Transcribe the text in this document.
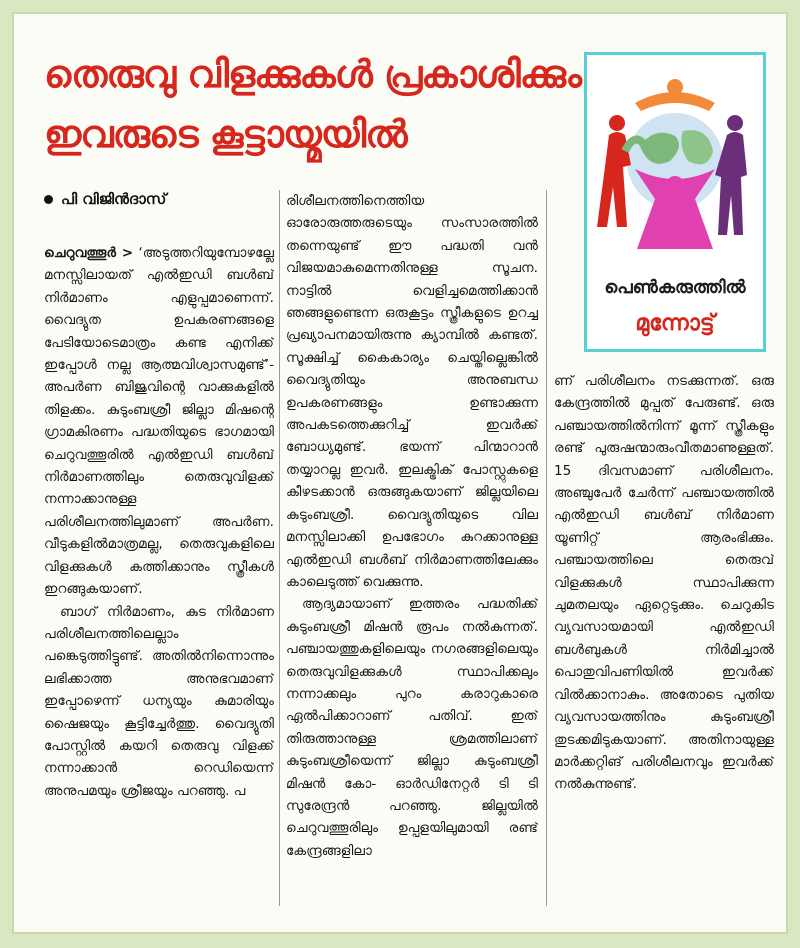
തെരുവു വിളക്കുകൾ പ്രകാശിക്കും
ഇവരുടെ കൂട്ടായ്മയിൽ
പി വിജിൻദാസ്

ചെറുവത്തൂർ > ‘അടുത്തറിയുമ്പോഴല്ലേ മനസ്സിലായത് എൽഇഡി ബൾബ് നിർമാണം എളുപ്പമാണെന്ന്. വൈദ്യുത ഉപകരണങ്ങളെ പേടിയോടെമാത്രം കണ്ട എനിക്ക് ഇപ്പോൾ നല്ല ആത്മവിശ്വാസമുണ്ട്’- അപർണ ബിജുവിന്റെ വാക്കുകളിൽ തിളക്കം. കുടുംബശ്രീ ജില്ലാ മിഷന്റെ ഗ്രാമകിരണം പദ്ധതിയുടെ ഭാഗമായി ചെറുവത്തൂരിൽ എൽഇഡി ബൾബ് നിർമാണത്തിലും തെരുവുവിളക്ക് നന്നാക്കാനുള്ള പരിശീലനത്തിലുമാണ് അപർണ. വീടുകളിൽമാത്രമല്ല, തെരുവുകളിലെ വിളക്കുകൾ കത്തിക്കാനും സ്ത്രീകൾ ഇറങ്ങുകയാണ്.

ബാഗ് നിർമാണം, കുട നിർമാണ പരിശീലനത്തിലെല്ലാം പങ്കെടുത്തിട്ടുണ്ട്. അതിൽനിന്നൊന്നും ലഭിക്കാത്ത അനുഭവമാണ് ഇപ്പോഴെന്ന് ധന്യയും കുമാരിയും ഷൈജയും കൂട്ടിച്ചേർത്തു. വൈദ്യുതി പോസ്റ്റിൽ കയറി തെരുവു വിളക്ക് നന്നാക്കാൻ റെഡിയെന്ന് അനുപമയും ശ്രീജയും പറഞ്ഞു. പ

രിശീലനത്തിനെത്തിയ ഓരോരുത്തരുടെയും സംസാരത്തിൽ തന്നെയുണ്ട് ഈ പദ്ധതി വൻ വിജയമാകുമെന്നതിനുള്ള സൂചന. നാട്ടിൽ വെളിച്ചമെത്തിക്കാൻ ഞങ്ങളുണ്ടെന്ന ഒരുകൂട്ടം സ്ത്രീകളുടെ ഉറച്ച പ്രഖ്യാപനമായിരുന്നു ക്യാമ്പിൽ കണ്ടത്. സൂക്ഷിച്ച് കൈകാര്യം ചെയ്തില്ലെങ്കിൽ വൈദ്യുതിയും അനുബന്ധ ഉപകരണങ്ങളും ഉണ്ടാക്കുന്ന അപകടത്തെക്കുറിച്ച് ഇവർക്ക് ബോധ്യമുണ്ട്. ഭയന്ന് പിന്മാറാൻ തയ്യാറല്ല ഇവർ. ഇലക്ട്രിക് പോസ്റ്റുകളെ കീഴടക്കാൻ ഒരുങ്ങുകയാണ് ജില്ലയിലെ കുടുംബശ്രീ. വൈദ്യുതിയുടെ വില മനസ്സിലാക്കി ഉപഭോഗം കുറക്കാനുള്ള എൽഇഡി ബൾബ് നിർമാണത്തിലേക്കും കാലെടുത്ത് വെക്കുന്നു.

ആദ്യമായാണ് ഇത്തരം പദ്ധതിക്ക് കുടുംബശ്രീ മിഷൻ രൂപം നൽകുന്നത്. പഞ്ചായത്തുകളിലെയും നഗരങ്ങളിലെയും തെരുവുവിളക്കുകൾ സ്ഥാപിക്കലും നന്നാക്കലും പുറം കരാറുകാരെ ഏൽപിക്കാറാണ് പതിവ്. ഇത് തിരുത്താനുള്ള ശ്രമത്തിലാണ് കുടുംബശ്രീയെന്ന് ജില്ലാ കുടുംബശ്രീ മിഷൻ കോ- ഓർഡിനേറ്റർ ടി ടി സുരേന്ദ്രൻ പറഞ്ഞു. ജില്ലയിൽ ചെറുവത്തൂരിലും ഉപ്പളയിലുമായി രണ്ട് കേന്ദ്രങ്ങളിലാ

ണ് പരിശീലനം നടക്കുന്നത്. ഒരു കേന്ദ്രത്തിൽ മുപ്പത് പേരുണ്ട്. ഒരു പഞ്ചായത്തിൽനിന്ന് മൂന്ന് സ്ത്രീകളും രണ്ട് പുരുഷന്മാരുംവീതമാണുള്ളത്. 15 ദിവസമാണ് പരിശീലനം. അഞ്ചുപേർ ചേർന്ന് പഞ്ചായത്തിൽ എൽഇഡി ബൾബ് നിർമാണ യൂണിറ്റ് ആരംഭിക്കും. പഞ്ചായത്തിലെ തെരുവ് വിളക്കുകൾ സ്ഥാപിക്കുന്ന ചുമതലയും ഏറ്റെടുക്കും. ചെറുകിട വ്യവസായമായി എൽഇഡി ബൾബുകൾ നിർമിച്ചാൽ പൊതുവിപണിയിൽ ഇവർക്ക് വിൽക്കാനാകും. അതോടെ പുതിയ വ്യവസായത്തിനും കുടുംബശ്രീ തുടക്കമിടുകയാണ്. അതിനായുള്ള മാർക്കറ്റിങ് പരിശീലനവും ഇവർക്ക് നൽകുന്നുണ്ട്.

പെൺകരുത്തിൽ
മുന്നോട്ട്
